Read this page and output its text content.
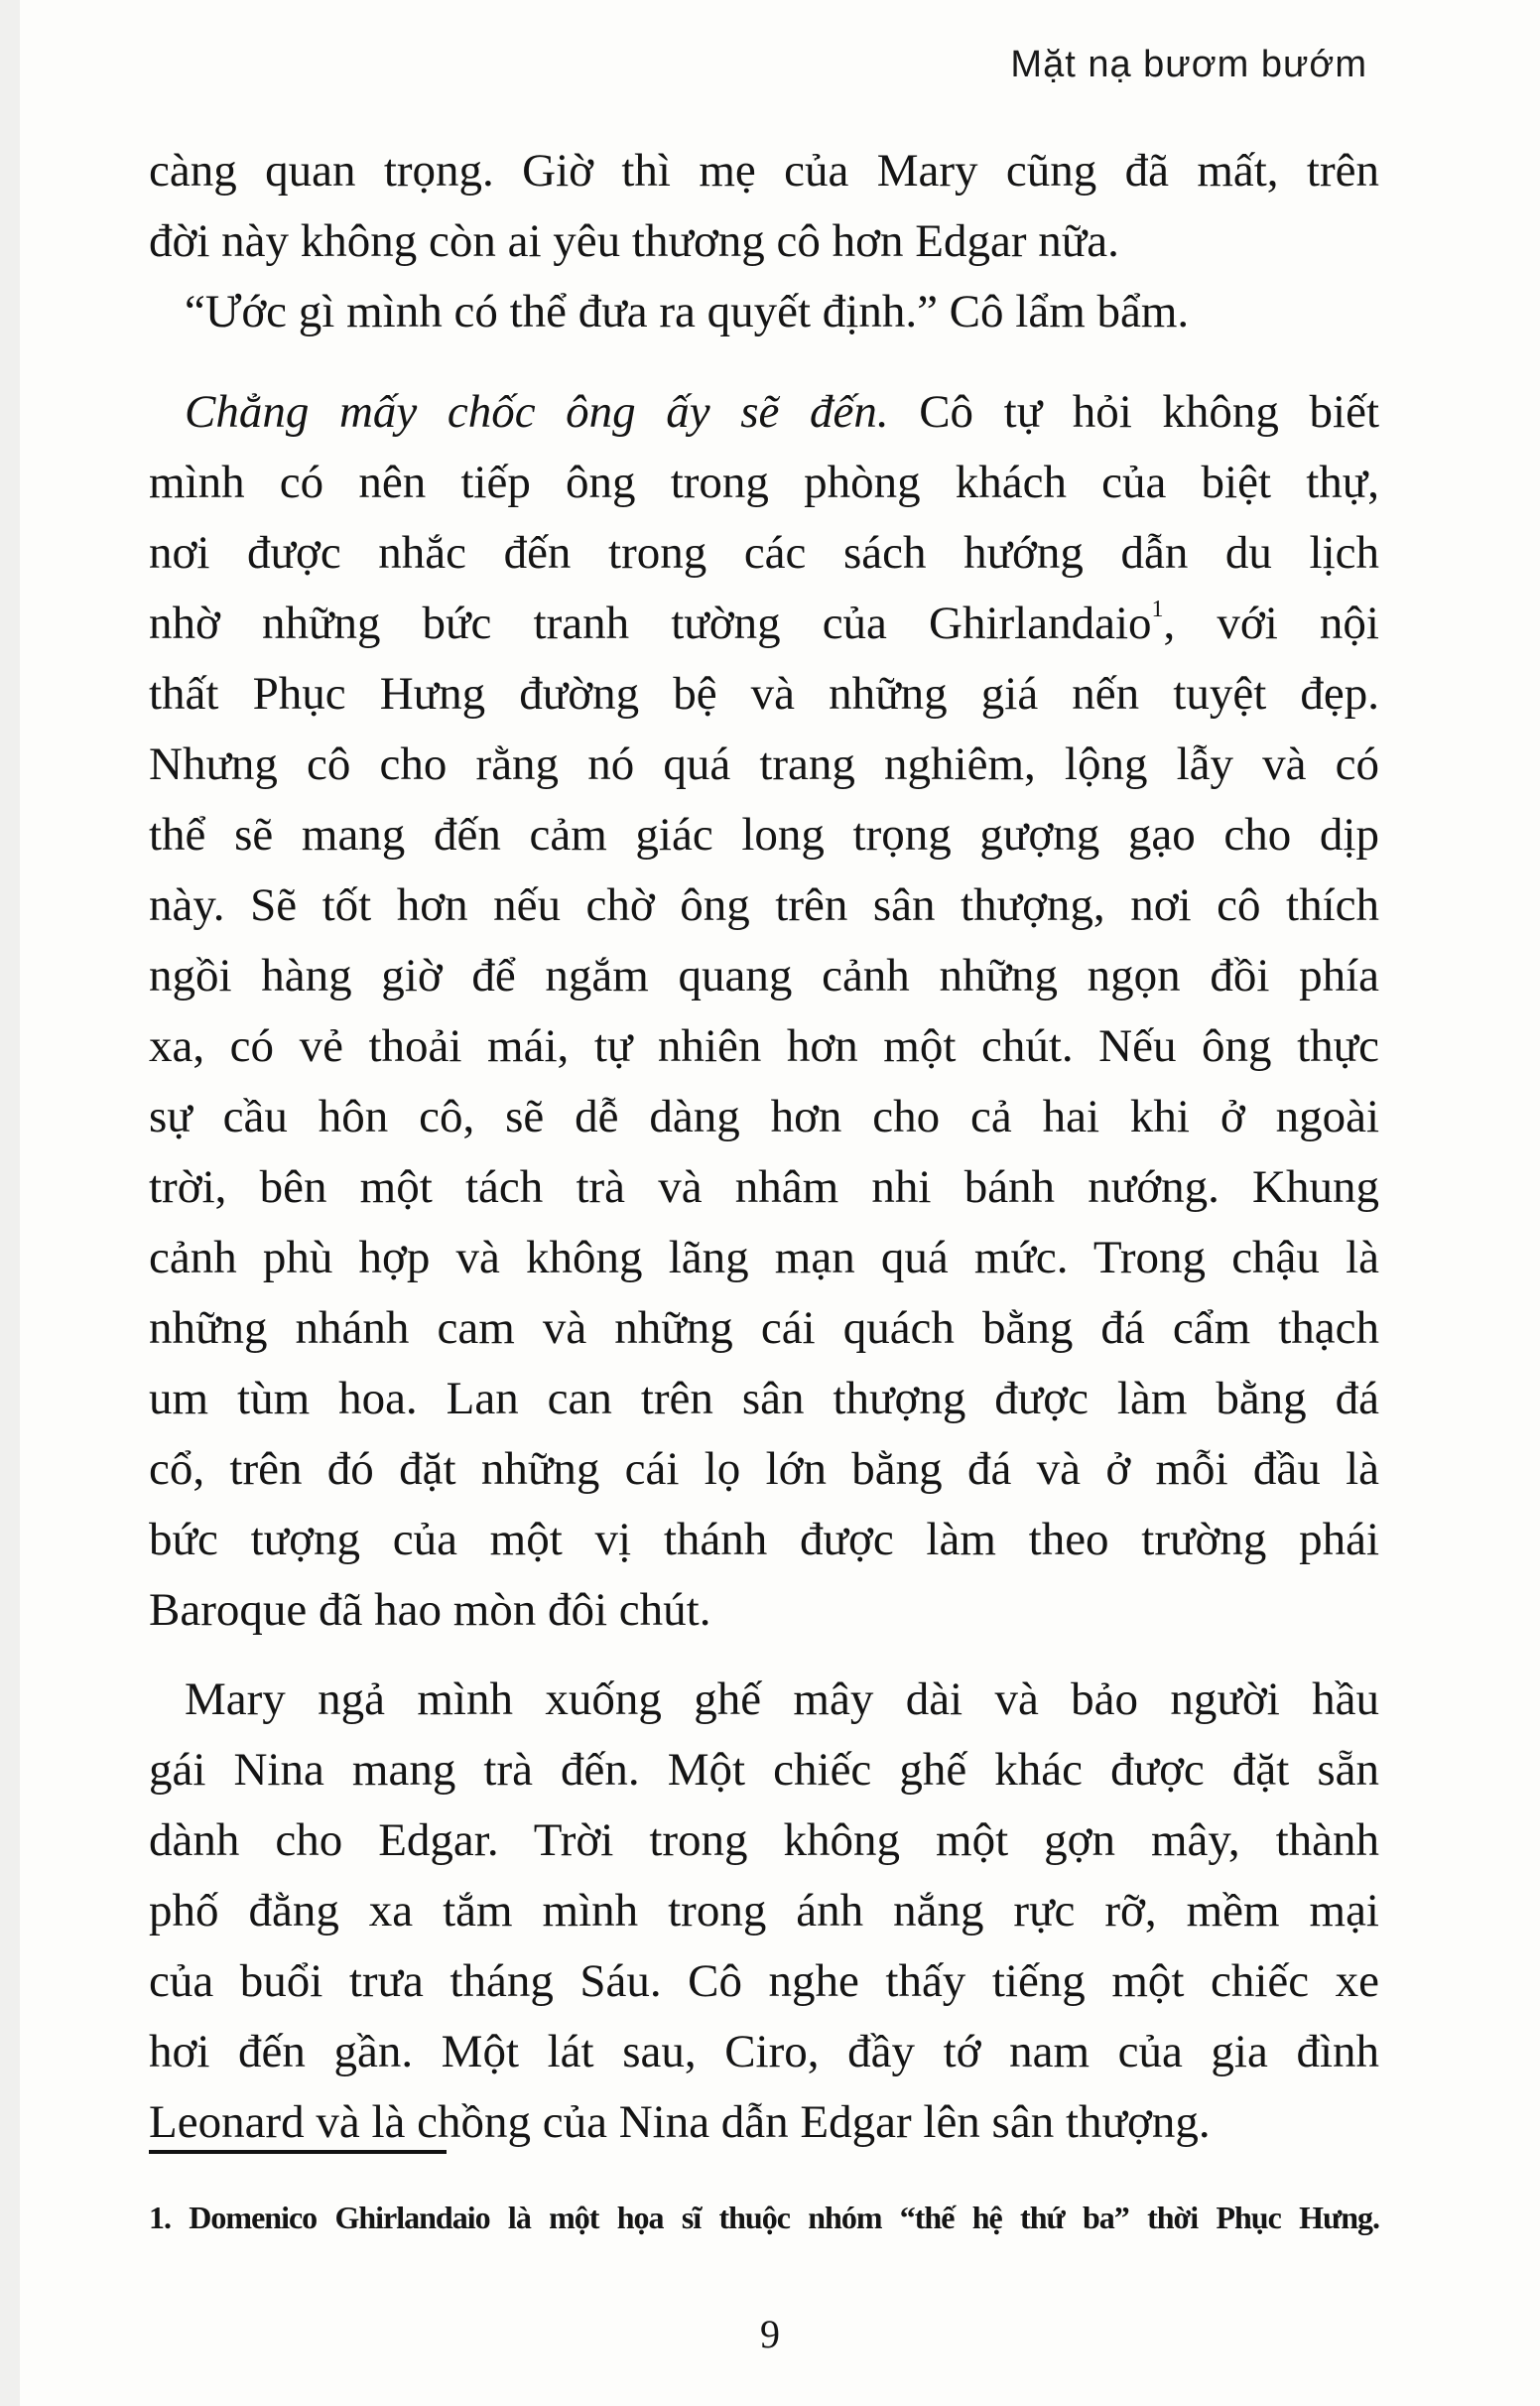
Mặt nạ bươm bướm
càng quan trọng. Giờ thì mẹ của Mary cũng đã mất, trên
đời này không còn ai yêu thương cô hơn Edgar nữa.
“Ước gì mình có thể đưa ra quyết định.” Cô lẩm bẩm.
Chẳng mấy chốc ông ấy sẽ đến. Cô tự hỏi không biết
mình có nên tiếp ông trong phòng khách của biệt thự,
nơi được nhắc đến trong các sách hướng dẫn du lịch
nhờ những bức tranh tường của Ghirlandaio$^1$, với nội
thất Phục Hưng đường bệ và những giá nến tuyệt đẹp.
Nhưng cô cho rằng nó quá trang nghiêm, lộng lẫy và có
thể sẽ mang đến cảm giác long trọng gượng gạo cho dịp
này. Sẽ tốt hơn nếu chờ ông trên sân thượng, nơi cô thích
ngồi hàng giờ để ngắm quang cảnh những ngọn đồi phía
xa, có vẻ thoải mái, tự nhiên hơn một chút. Nếu ông thực
sự cầu hôn cô, sẽ dễ dàng hơn cho cả hai khi ở ngoài
trời, bên một tách trà và nhâm nhi bánh nướng. Khung
cảnh phù hợp và không lãng mạn quá mức. Trong chậu là
những nhánh cam và những cái quách bằng đá cẩm thạch
um tùm hoa. Lan can trên sân thượng được làm bằng đá
cổ, trên đó đặt những cái lọ lớn bằng đá và ở mỗi đầu là
bức tượng của một vị thánh được làm theo trường phái
Baroque đã hao mòn đôi chút.
Mary ngả mình xuống ghế mây dài và bảo người hầu
gái Nina mang trà đến. Một chiếc ghế khác được đặt sẵn
dành cho Edgar. Trời trong không một gợn mây, thành
phố đằng xa tắm mình trong ánh nắng rực rỡ, mềm mại
của buổi trưa tháng Sáu. Cô nghe thấy tiếng một chiếc xe
hơi đến gần. Một lát sau, Ciro, đầy tớ nam của gia đình
Leonard và là chồng của Nina dẫn Edgar lên sân thượng.
1. Domenico Ghirlandaio là một họa sĩ thuộc nhóm “thế hệ thứ ba” thời Phục Hưng.
9
